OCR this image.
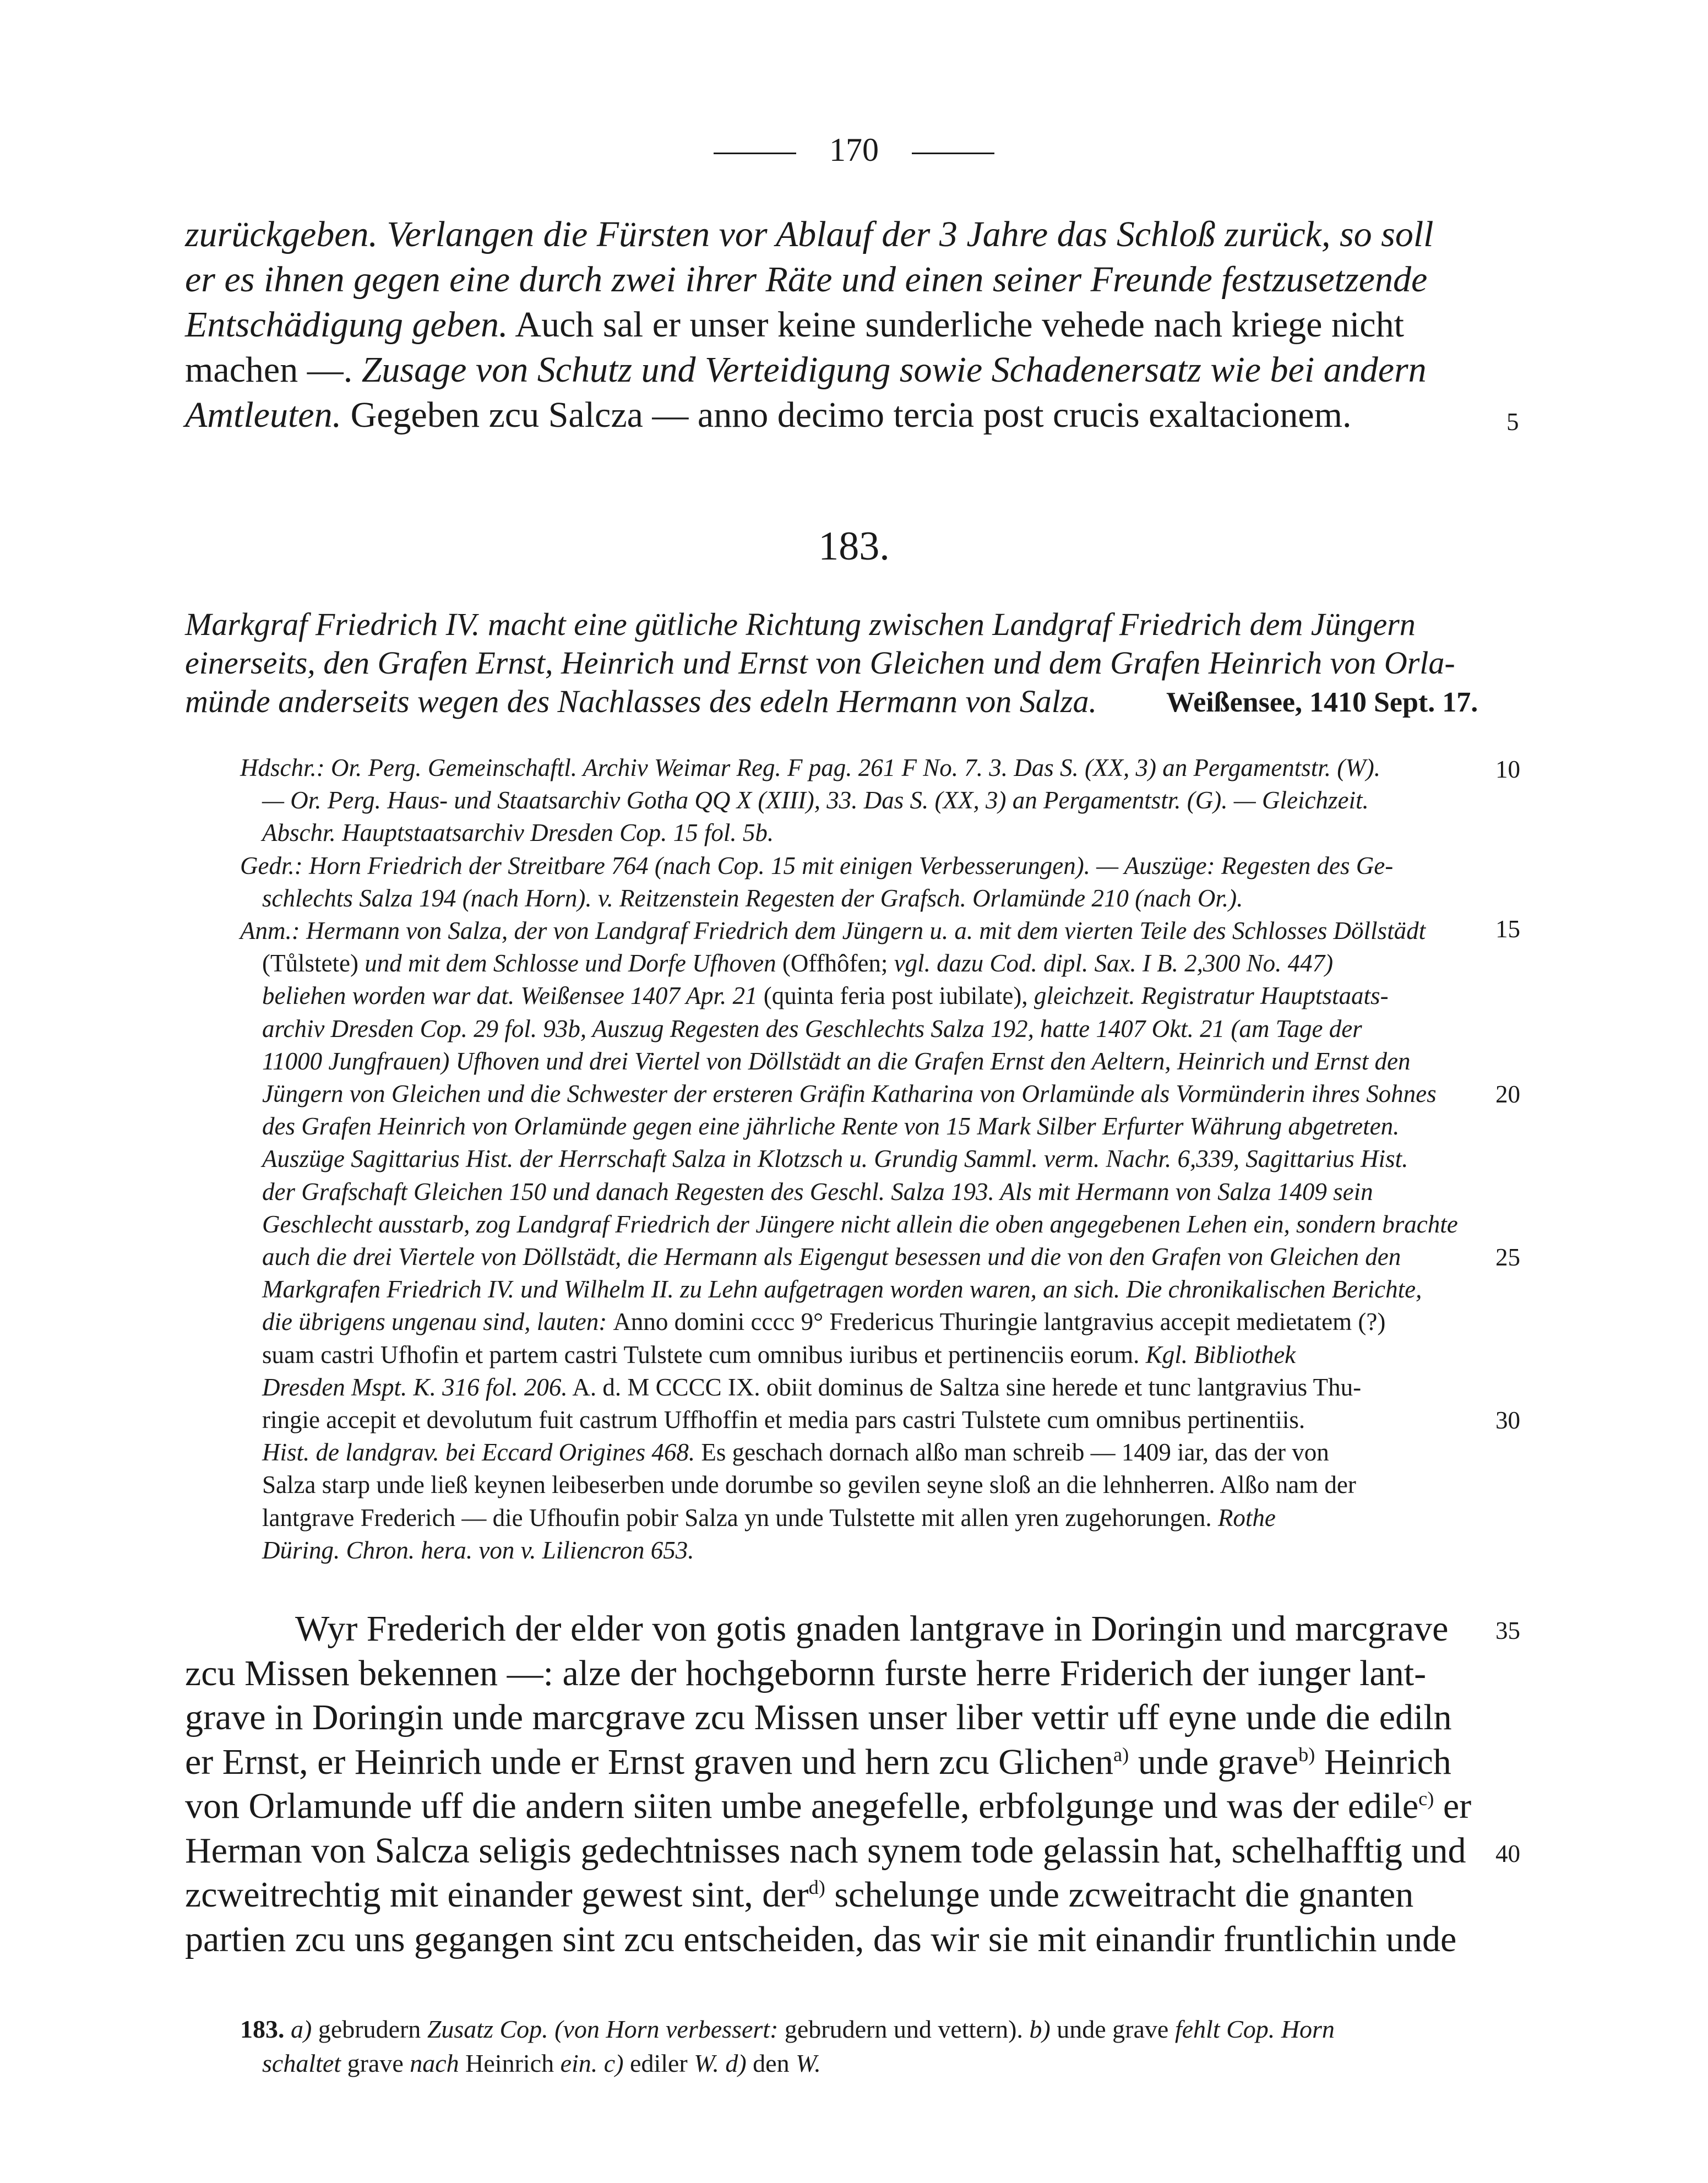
170
zurückgeben. Verlangen die Fürsten vor Ablauf der 3 Jahre das Schloß zurück, so soll
er es ihnen gegen eine durch zwei ihrer Räte und einen seiner Freunde festzusetzende
Entschädigung geben. Auch sal er unser keine sunderliche vehede nach kriege nicht
machen —. Zusage von Schutz und Verteidigung sowie Schadenersatz wie bei andern
Amtleuten. Gegeben zcu Salcza — anno decimo tercia post crucis exaltacionem.
183.
Markgraf Friedrich IV. macht eine gütliche Richtung zwischen Landgraf Friedrich dem Jüngern
einerseits, den Grafen Ernst, Heinrich und Ernst von Gleichen und dem Grafen Heinrich von Orla-
münde anderseits wegen des Nachlasses des edeln Hermann von Salza. Weißensee, 1410 Sept. 17.
Hdschr.: Or. Perg. Gemeinschaftl. Archiv Weimar Reg. F pag. 261 F No. 7. 3. Das S. (XX, 3) an Pergamentstr. (W).
— Or. Perg. Haus- und Staatsarchiv Gotha QQ X (XIII), 33. Das S. (XX, 3) an Pergamentstr. (G). — Gleichzeit.
Abschr. Hauptstaatsarchiv Dresden Cop. 15 fol. 5b.
Gedr.: Horn Friedrich der Streitbare 764 (nach Cop. 15 mit einigen Verbesserungen). — Auszüge: Regesten des Ge-
schlechts Salza 194 (nach Horn). v. Reitzenstein Regesten der Grafsch. Orlamünde 210 (nach Or.).
Anm.: Hermann von Salza, der von Landgraf Friedrich dem Jüngern u. a. mit dem vierten Teile des Schlosses Döllstädt
(Tůlstete) und mit dem Schlosse und Dorfe Ufhoven (Offhôfen; vgl. dazu Cod. dipl. Sax. I B. 2,300 No. 447)
beliehen worden war dat. Weißensee 1407 Apr. 21 (quinta feria post iubilate), gleichzeit. Registratur Hauptstaats-
archiv Dresden Cop. 29 fol. 93b, Auszug Regesten des Geschlechts Salza 192, hatte 1407 Okt. 21 (am Tage der
11000 Jungfrauen) Ufhoven und drei Viertel von Döllstädt an die Grafen Ernst den Aeltern, Heinrich und Ernst den
Jüngern von Gleichen und die Schwester der ersteren Gräfin Katharina von Orlamünde als Vormünderin ihres Sohnes
des Grafen Heinrich von Orlamünde gegen eine jährliche Rente von 15 Mark Silber Erfurter Währung abgetreten.
Auszüge Sagittarius Hist. der Herrschaft Salza in Klotzsch u. Grundig Samml. verm. Nachr. 6,339, Sagittarius Hist.
der Grafschaft Gleichen 150 und danach Regesten des Geschl. Salza 193. Als mit Hermann von Salza 1409 sein
Geschlecht ausstarb, zog Landgraf Friedrich der Jüngere nicht allein die oben angegebenen Lehen ein, sondern brachte
auch die drei Viertele von Döllstädt, die Hermann als Eigengut besessen und die von den Grafen von Gleichen den
Markgrafen Friedrich IV. und Wilhelm II. zu Lehn aufgetragen worden waren, an sich. Die chronikalischen Berichte,
die übrigens ungenau sind, lauten: Anno domini cccc 9° Fredericus Thuringie lantgravius accepit medietatem (?)
suam castri Ufhofin et partem castri Tulstete cum omnibus iuribus et pertinenciis eorum. Kgl. Bibliothek
Dresden Mspt. K. 316 fol. 206. A. d. M CCCC IX. obiit dominus de Saltza sine herede et tunc lantgravius Thu-
ringie accepit et devolutum fuit castrum Uffhoffin et media pars castri Tulstete cum omnibus pertinentiis.
Hist. de landgrav. bei Eccard Origines 468. Es geschach dornach alßo man schreib — 1409 iar, das der von
Salza starp unde ließ keynen leibeserben unde dorumbe so gevilen seyne sloß an die lehnherren. Alßo nam der
lantgrave Frederich — die Ufhoufin pobir Salza yn unde Tulstette mit allen yren zugehorungen. Rothe
Düring. Chron. hera. von v. Liliencron 653.
Wyr Frederich der elder von gotis gnaden lantgrave in Doringin und marcgrave
zcu Missen bekennen —: alze der hochgebornn furste herre Friderich der iunger lant-
grave in Doringin unde marcgrave zcu Missen unser liber vettir uff eyne unde die ediln
er Ernst, er Heinrich unde er Ernst graven und hern zcu Glichen$^{a)}$ unde grave$^{b)}$ Heinrich
von Orlamunde uff die andern siiten umbe anegefelle, erbfolgunge und was der edile$^{c)}$ er
Herman von Salcza seligis gedechtnisses nach synem tode gelassin hat, schelhafftig und
zcweitrechtig mit einander gewest sint, der$^{d)}$ schelunge unde zcweitracht die gnanten
partien zcu uns gegangen sint zcu entscheiden, das wir sie mit einandir fruntlichin unde
183. a) gebrudern Zusatz Cop. (von Horn verbessert: gebrudern und vettern). b) unde grave fehlt Cop. Horn
schaltet grave nach Heinrich ein. c) ediler W. d) den W.
5
10
15
20
25
30
35
40
